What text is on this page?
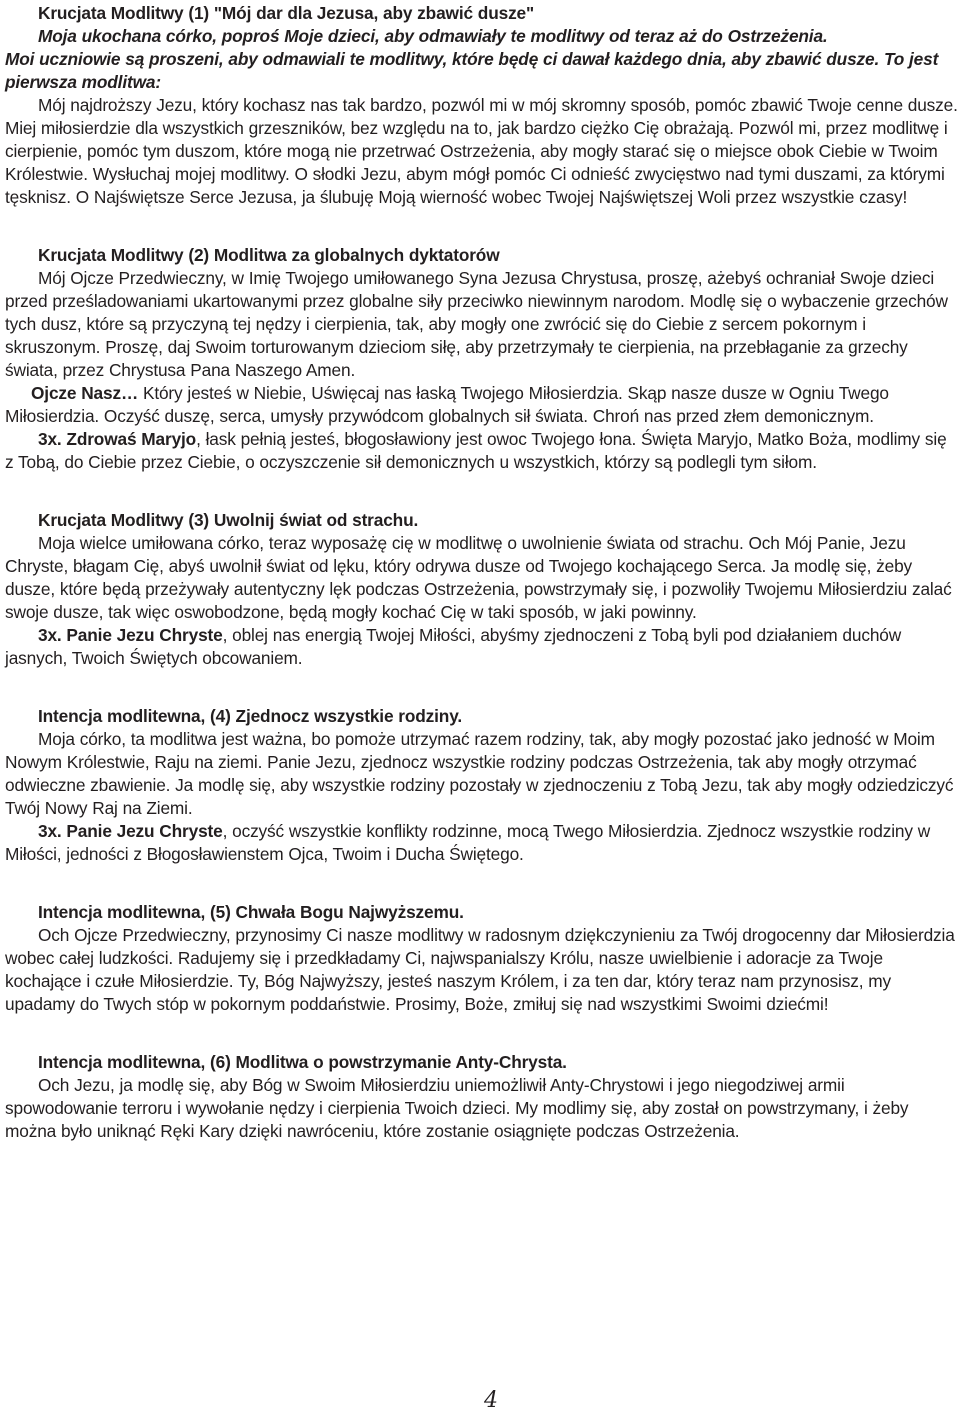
Krucjata Modlitwy (1) "Mój dar dla Jezusa, aby zbawić dusze"

Moja ukochana córko, poproś Moje dzieci, aby odmawiały te modlitwy od teraz aż do Ostrzeżenia.

Moi uczniowie są proszeni, aby odmawiali te modlitwy, które będę ci dawał każdego dnia, aby zbawić dusze. To jest pierwsza modlitwa:

Mój najdroższy Jezu, który kochasz nas tak bardzo, pozwól mi w mój skromny sposób, pomóc zbawić Twoje cenne dusze. Miej miłosierdzie dla wszystkich grzeszników, bez względu na to, jak bardzo ciężko Cię obrażają. Pozwól mi, przez modlitwę i cierpienie, pomóc tym duszom, które mogą nie przetrwać Ostrzeżenia, aby mogły starać się o miejsce obok Ciebie w Twoim Królestwie. Wysłuchaj mojej modlitwy. O słodki Jezu, abym mógł pomóc Ci odnieść zwycięstwo nad tymi duszami, za którymi tęsknisz. O Najświętsze Serce Jezusa, ja ślubuję Moją wierność wobec Twojej Najświętszej Woli przez wszystkie czasy!

Krucjata Modlitwy (2) Modlitwa za globalnych dyktatorów

Mój Ojcze Przedwieczny, w Imię Twojego umiłowanego Syna Jezusa Chrystusa, proszę, ażebyś ochraniał Swoje dzieci przed prześladowaniami ukartowanymi przez globalne siły przeciwko niewinnym narodom. Modlę się o wybaczenie grzechów tych dusz, które są przyczyną tej nędzy i cierpienia, tak, aby mogły one zwrócić się do Ciebie z sercem pokornym i skruszonym. Proszę, daj Swoim torturowanym dzieciom siłę, aby przetrzymały te cierpienia, na przebłaganie za grzechy świata, przez Chrystusa Pana Naszego Amen.

Ojcze Nasz… Który jesteś w Niebie, Uświęcaj nas łaską Twojego Miłosierdzia. Skąp nasze dusze w Ogniu Twego Miłosierdzia. Oczyść duszę, serca, umysły przywódcom globalnych sił świata. Chroń nas przed złem demonicznym.

3x. Zdrowaś Maryjo, łask pełnią jesteś, błogosławiony jest owoc Twojego łona. Święta Maryjo, Matko Boża, modlimy się z Tobą, do Ciebie przez Ciebie, o oczyszczenie sił demonicznych u wszystkich, którzy są podlegli tym siłom.

Krucjata Modlitwy (3) Uwolnij świat od strachu.

Moja wielce umiłowana córko, teraz wyposażę cię w modlitwę o uwolnienie świata od strachu. Och Mój Panie, Jezu Chryste, błagam Cię, abyś uwolnił świat od lęku, który odrywa dusze od Twojego kochającego Serca. Ja modlę się, żeby dusze, które będą przeżywały autentyczny lęk podczas Ostrzeżenia, powstrzymały się, i pozwoliły Twojemu Miłosierdziu zalać swoje dusze, tak więc oswobodzone, będą mogły kochać Cię w taki sposób, w jaki powinny.

3x. Panie Jezu Chryste, oblej nas energią Twojej Miłości, abyśmy zjednoczeni z Tobą byli pod działaniem duchów jasnych, Twoich Świętych obcowaniem.

Intencja modlitewna, (4) Zjednocz wszystkie rodziny.

Moja córko, ta modlitwa jest ważna, bo pomoże utrzymać razem rodziny, tak, aby mogły pozostać jako jedność w Moim Nowym Królestwie, Raju na ziemi. Panie Jezu, zjednocz wszystkie rodziny podczas Ostrzeżenia, tak aby mogły otrzymać odwieczne zbawienie. Ja modlę się, aby wszystkie rodziny pozostały w zjednoczeniu z Tobą Jezu, tak aby mogły odziedziczyć Twój Nowy Raj na Ziemi.

3x. Panie Jezu Chryste, oczyść wszystkie konflikty rodzinne, mocą Twego Miłosierdzia. Zjednocz wszystkie rodziny w Miłości, jedności z Błogosławienstem Ojca, Twoim i Ducha Świętego.

Intencja modlitewna, (5) Chwała Bogu Najwyższemu.

Och Ojcze Przedwieczny, przynosimy Ci nasze modlitwy w radosnym dziękczynieniu za Twój drogocenny dar Miłosierdzia wobec całej ludzkości. Radujemy się i przedkładamy Ci, najwspanialszy Królu, nasze uwielbienie i adoracje za Twoje kochające i czułe Miłosierdzie. Ty, Bóg Najwyższy, jesteś naszym Królem, i za ten dar, który teraz nam przynosisz, my upadamy do Twych stóp w pokornym poddaństwie. Prosimy, Boże, zmiłuj się nad wszystkimi Swoimi dziećmi!

Intencja modlitewna, (6) Modlitwa o powstrzymanie Anty-Chrysta.

Och Jezu, ja modlę się, aby Bóg w Swoim Miłosierdziu uniemożliwił Anty-Chrystowi i jego niegodziwej armii spowodowanie terroru i wywołanie nędzy i cierpienia Twoich dzieci. My modlimy się, aby został on powstrzymany, i żeby można było uniknąć Ręki Kary dzięki nawróceniu, które zostanie osiągnięte podczas Ostrzeżenia.

4
